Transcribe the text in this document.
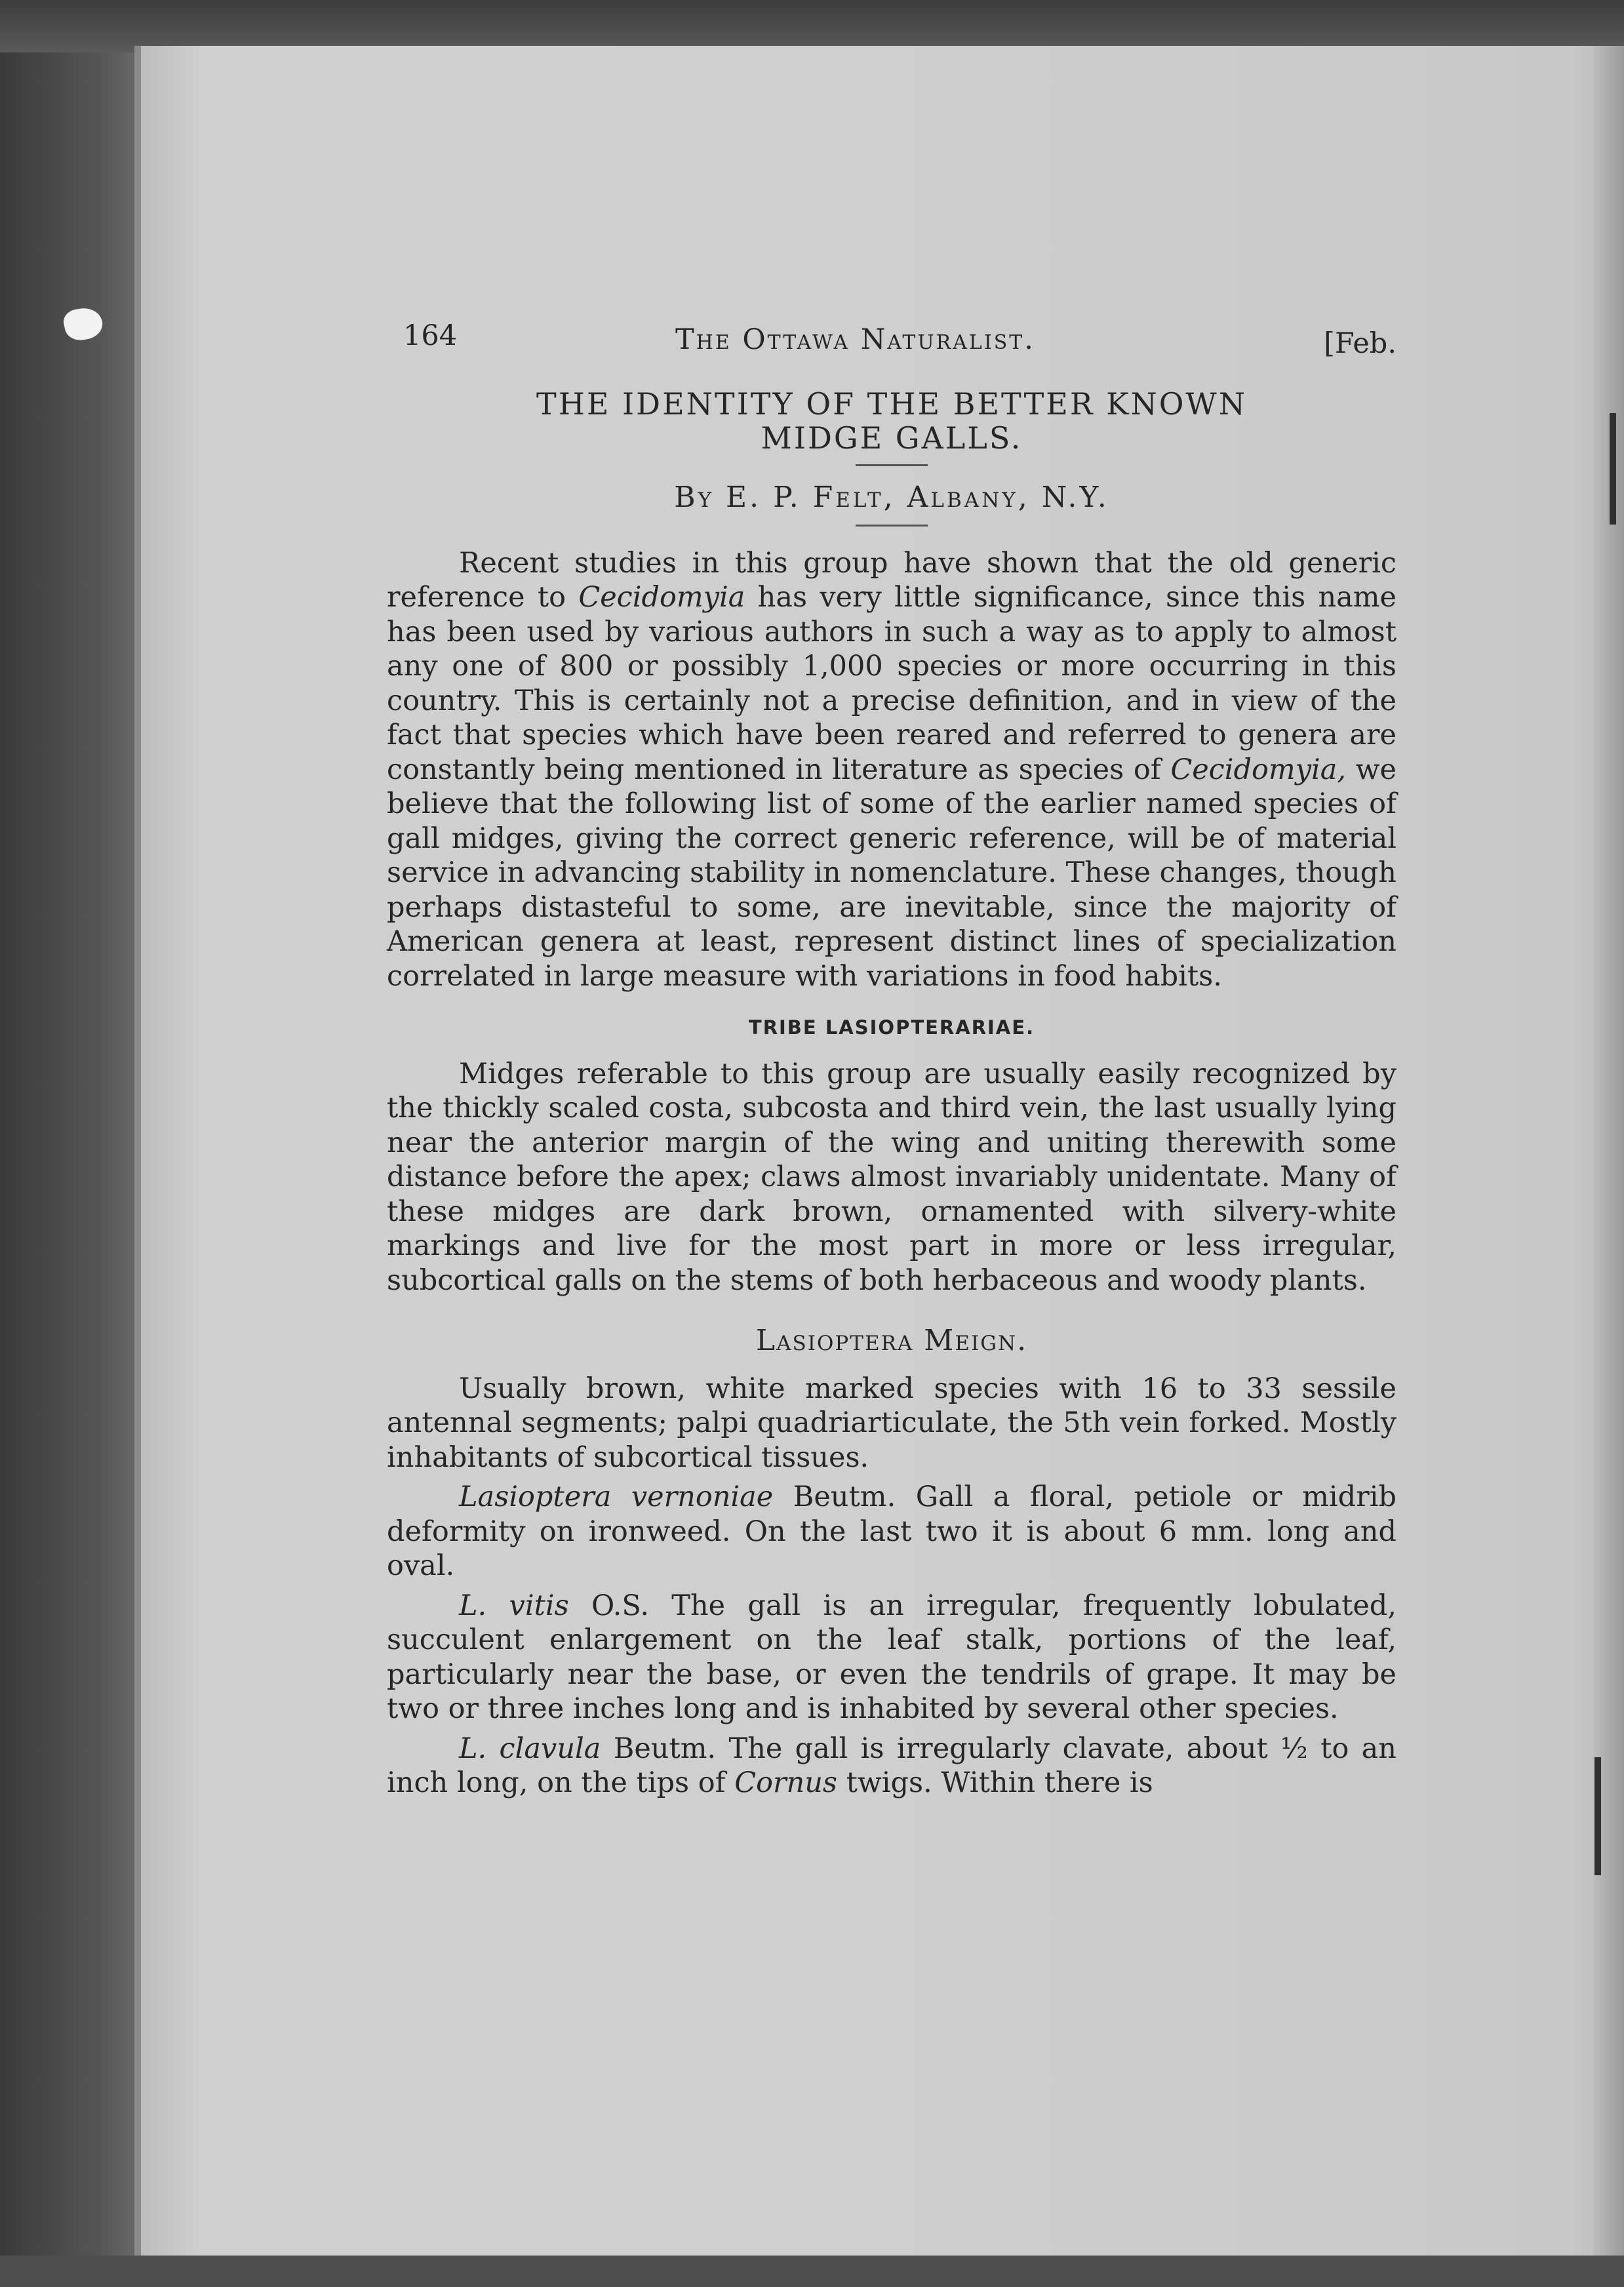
164	The Ottawa Naturalist.	[Feb.
THE IDENTITY OF THE BETTER KNOWN
MIDGE GALLS.
By E. P. Felt, Albany, N.Y.

Recent studies in this group have shown that the old generic reference to Cecidomyia has very little significance, since this name has been used by various authors in such a way as to apply to almost any one of 800 or possibly 1,000 species or more occurring in this country. This is certainly not a precise definition, and in view of the fact that species which have been reared and referred to genera are constantly being mentioned in literature as species of Cecidomyia, we believe that the following list of some of the earlier named species of gall midges, giving the correct generic reference, will be of material service in advancing stability in nomenclature. These changes, though perhaps distasteful to some, are inevitable, since the majority of American genera at least, represent distinct lines of specialization correlated in large measure with variations in food habits.

TRIBE LASIOPTERARIAE.

Midges referable to this group are usually easily recognized by the thickly scaled costa, subcosta and third vein, the last usually lying near the anterior margin of the wing and uniting therewith some distance before the apex; claws almost invariably unidentate. Many of these midges are dark brown, ornamented with silvery-white markings and live for the most part in more or less irregular, subcortical galls on the stems of both herbaceous and woody plants.

Lasioptera Meign.

Usually brown, white marked species with 16 to 33 sessile antennal segments; palpi quadriarticulate, the 5th vein forked. Mostly inhabitants of subcortical tissues.

Lasioptera vernoniae Beutm. Gall a floral, petiole or midrib deformity on ironweed. On the last two it is about 6 mm. long and oval.

L. vitis O.S. The gall is an irregular, frequently lobulated, succulent enlargement on the leaf stalk, portions of the leaf, particularly near the base, or even the tendrils of grape. It may be two or three inches long and is inhabited by several other species.

L. clavula Beutm. The gall is irregularly clavate, about ½ to an inch long, on the tips of Cornus twigs. Within there is
